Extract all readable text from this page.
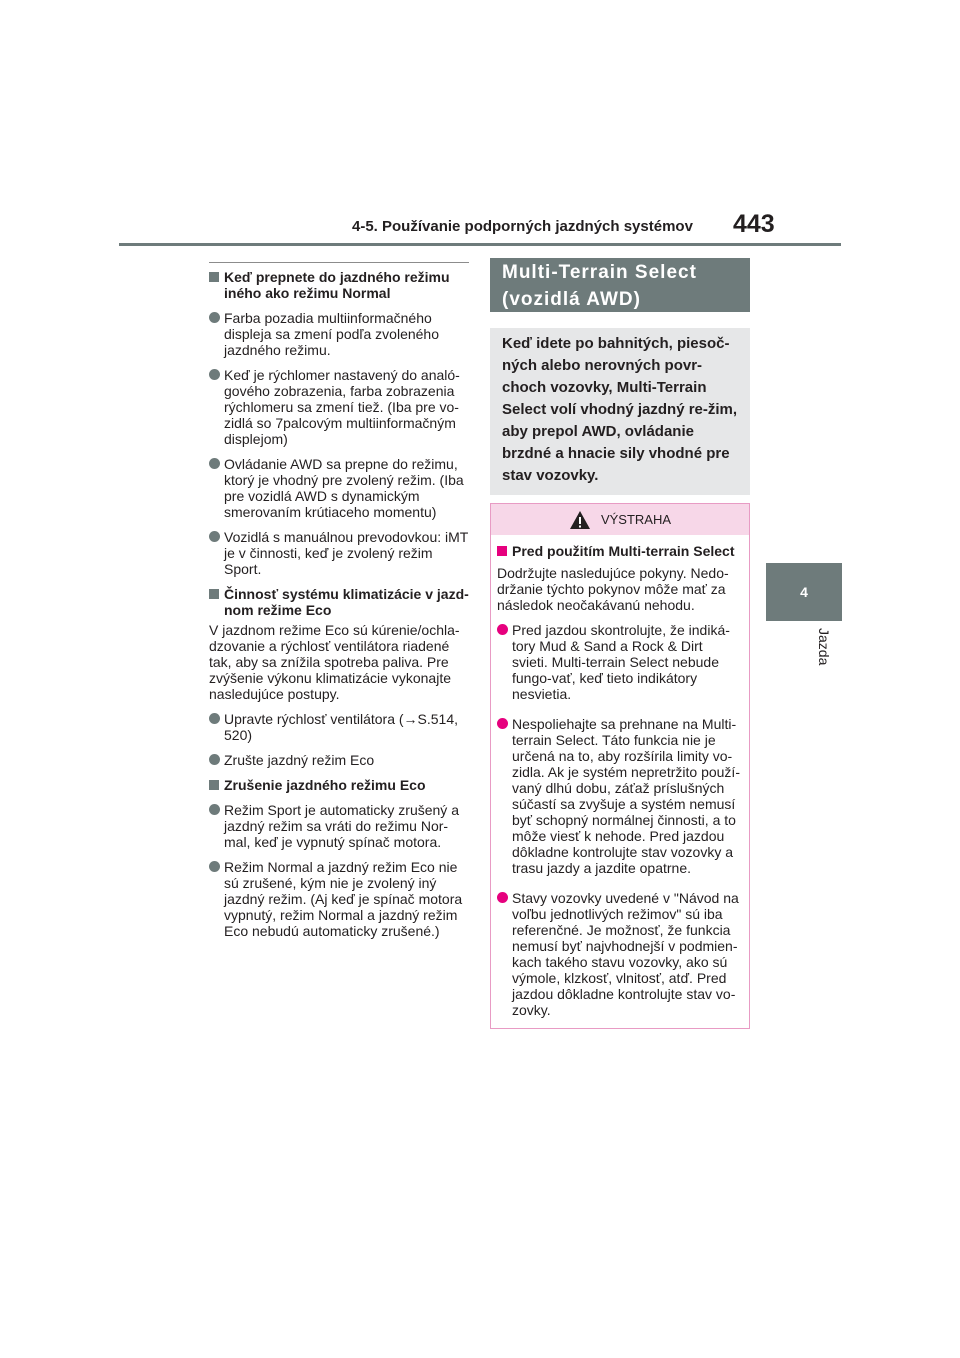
4-5. Používanie podporných jazdných systémov 443
4
Jazda
Keď prepnete do jazdného režimu iného ako režimu Normal
Farba pozadia multiinformačného displeja sa zmení podľa zvoleného jazdného režimu.
Keď je rýchlomer nastavený do analó-gového zobrazenia, farba zobrazenia rýchlomeru sa zmení tiež. (Iba pre vo-zidlá so 7palcovým multiinformačným displejom)
Ovládanie AWD sa prepne do režimu, ktorý je vhodný pre zvolený režim. (Iba pre vozidlá AWD s dynamickým smerovaním krútiaceho momentu)
Vozidlá s manuálnou prevodovkou: iMT je v činnosti, keď je zvolený režim Sport.
Činnosť systému klimatizácie v jazd-nom režime Eco
V jazdnom režime Eco sú kúrenie/ochla-dzovanie a rýchlosť ventilátora riadené tak, aby sa znížila spotreba paliva. Pre zvýšenie výkonu klimatizácie vykonajte nasledujúce postupy.
Upravte rýchlosť ventilátora (→S.514, 520)
Zrušte jazdný režim Eco
Zrušenie jazdného režimu Eco
Režim Sport je automaticky zrušený a jazdný režim sa vráti do režimu Nor-mal, keď je vypnutý spínač motora.
Režim Normal a jazdný režim Eco nie sú zrušené, kým nie je zvolený iný jazdný režim. (Aj keď je spínač motora vypnutý, režim Normal a jazdný režim Eco nebudú automaticky zrušené.)
Multi-Terrain Select (vozidlá AWD)
Keď idete po bahnitých, piesoč-ných alebo nerovných povr-choch vozovky, Multi-Terrain Select volí vhodný jazdný re-žim, aby prepol AWD, ovládanie brzdné a hnacie sily vhodné pre stav vozovky.
VÝSTRAHA
Pred použitím Multi-terrain Select
Dodržujte nasledujúce pokyny. Nedo-držanie týchto pokynov môže mať za následok neočakávanú nehodu.
Pred jazdou skontrolujte, že indiká-tory Mud & Sand a Rock & Dirt svieti. Multi-terrain Select nebude fungo-vať, keď tieto indikátory nesvietia.
Nespoliehajte sa prehnane na Multi-terrain Select. Táto funkcia nie je určená na to, aby rozšírila limity vo-zidla. Ak je systém nepretržito použí-vaný dlhú dobu, záťaž príslušných súčastí sa zvyšuje a systém nemusí byť schopný normálnej činnosti, a to môže viesť k nehode. Pred jazdou dôkladne kontrolujte stav vozovky a trasu jazdy a jazdite opatrne.
Stavy vozovky uvedené v "Návod na voľbu jednotlivých režimov" sú iba referenčné. Je možnosť, že funkcia nemusí byť najvhodnejší v podmien-kach takého stavu vozovky, ako sú výmole, klzkosť, vlnitosť, atď. Pred jazdou dôkladne kontrolujte stav vo-zovky.
